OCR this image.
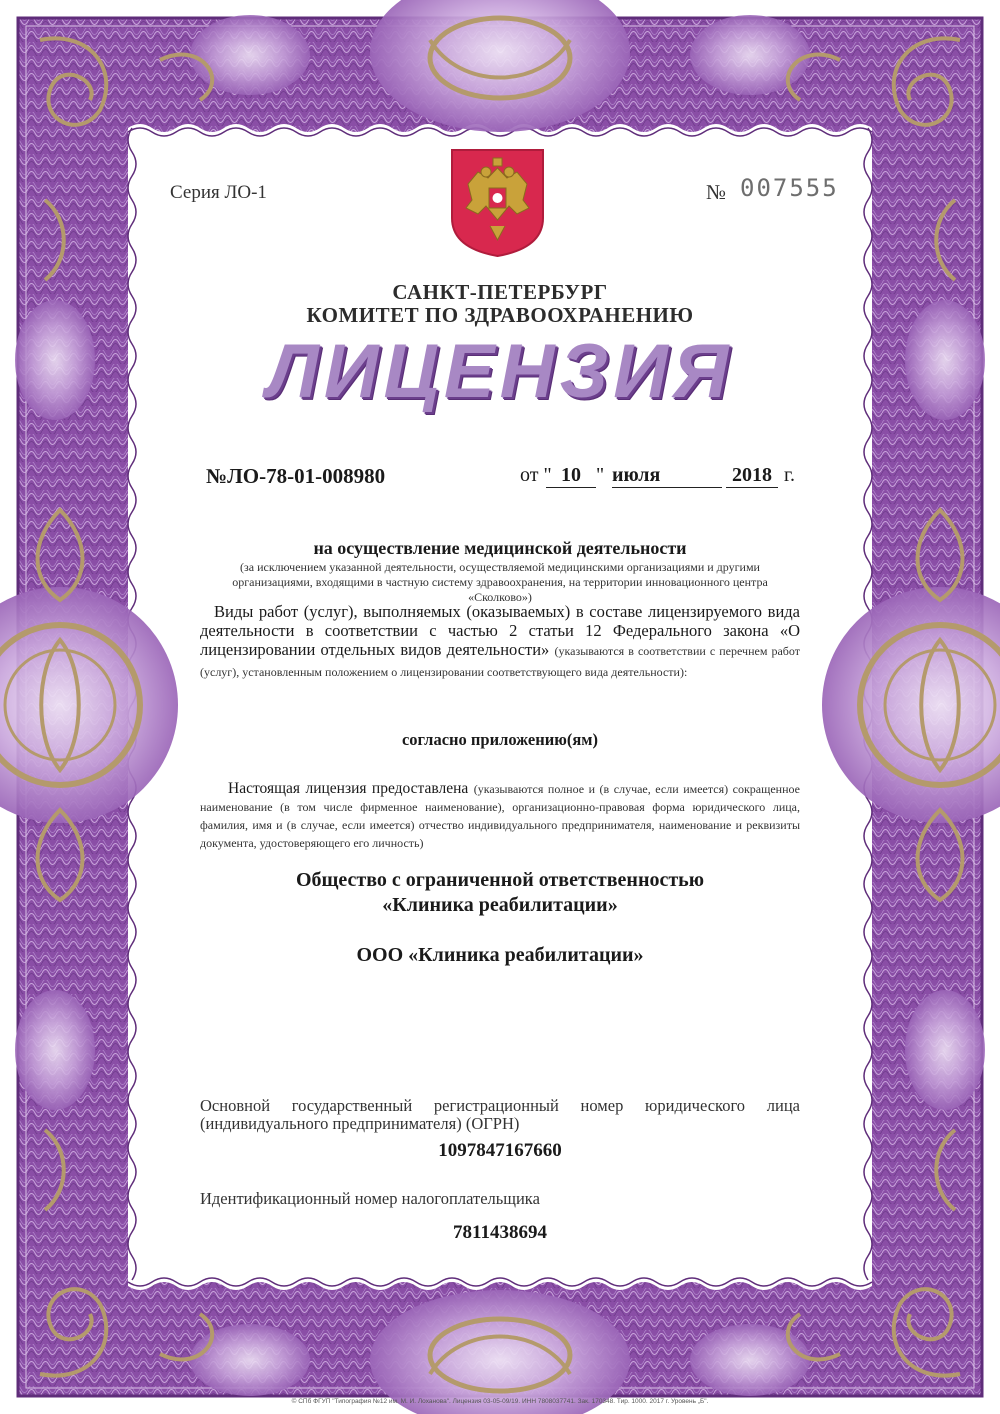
Серия ЛО-1	№ 007555
САНКТ-ПЕТЕРБУРГ
КОМИТЕТ ПО ЗДРАВООХРАНЕНИЮ
ЛИЦЕНЗИЯ
№ЛО-78-01-008980	от " 10 " июля	2018 г.
на осуществление медицинской деятельности
(за исключением указанной деятельности, осуществляемой медицинскими организациями и другими организациями, входящими в частную систему здравоохранения, на территории инновационного центра «Сколково»)
Виды работ (услуг), выполняемых (оказываемых) в составе лицензируемого вида деятельности в соответствии с частью 2 статьи 12 Федерального закона «О лицензировании отдельных видов деятельности» (указываются в соответствии с перечнем работ (услуг), установленным положением о лицензировании соответствующего вида деятельности):
согласно приложению(ям)
Настоящая лицензия предоставлена (указываются полное и (в случае, если имеется) сокращенное наименование (в том числе фирменное наименование), организационно-правовая форма юридического лица, фамилия, имя и (в случае, если имеется) отчество индивидуального предпринимателя, наименование и реквизиты документа, удостоверяющего его личность)
Общество с ограниченной ответственностью
«Клиника реабилитации»
ООО «Клиника реабилитации»
Основной государственный регистрационный номер юридического лица (индивидуального предпринимателя) (ОГРН)
1097847167660
Идентификационный номер налогоплательщика
7811438694
© СПб ФГУП "Типография №12 им. М. И. Лоханова". Лицензия 03-05-09/19. ИНН 7808037741. Зак. 170348. Тир. 1000. 2017 г. Уровень „Б".
